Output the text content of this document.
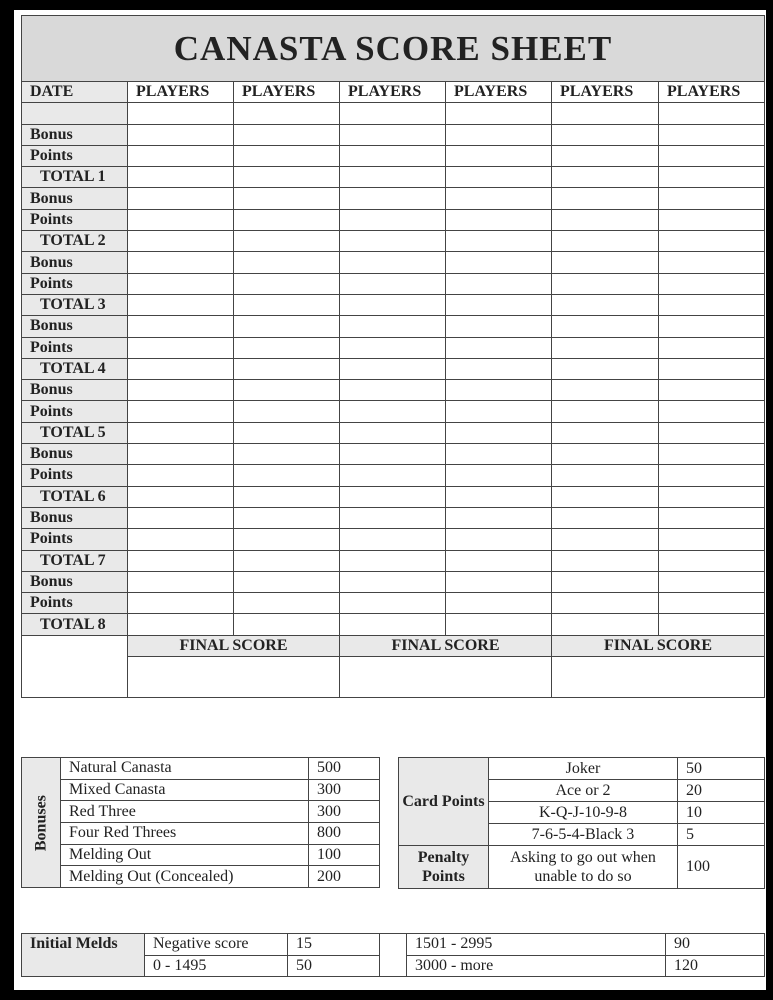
CANASTA SCORE SHEET						
DATE	PLAYERS	PLAYERS	PLAYERS	PLAYERS	PLAYERS	PLAYERS

Bonus						
Points						
TOTAL 1						
Bonus						
Points						
TOTAL 2						
Bonus						
Points						
TOTAL 3						
Bonus						
Points						
TOTAL 4						
Bonus						
Points						
TOTAL 5						
Bonus						
Points						
TOTAL 6						
Bonus						
Points						
TOTAL 7						
Bonus						
Points						
TOTAL 8						
	FINAL SCORE		FINAL SCORE		FINAL SCORE	

Bonuses	Natural Canasta	500
	Mixed Canasta	300
	Red Three	300
	Four Red Threes	800
	Melding Out	100
	Melding Out (Concealed)	200
Card Points	Joker	50
	Ace or 2	20
	K-Q-J-10-9-8	10
	7-6-5-4-Black 3	5
Penalty Points	Asking to go out when unable to do so	100
Initial Melds	Negative score	15		1501 - 2995	90
	0 - 1495	50		3000 - more	120
